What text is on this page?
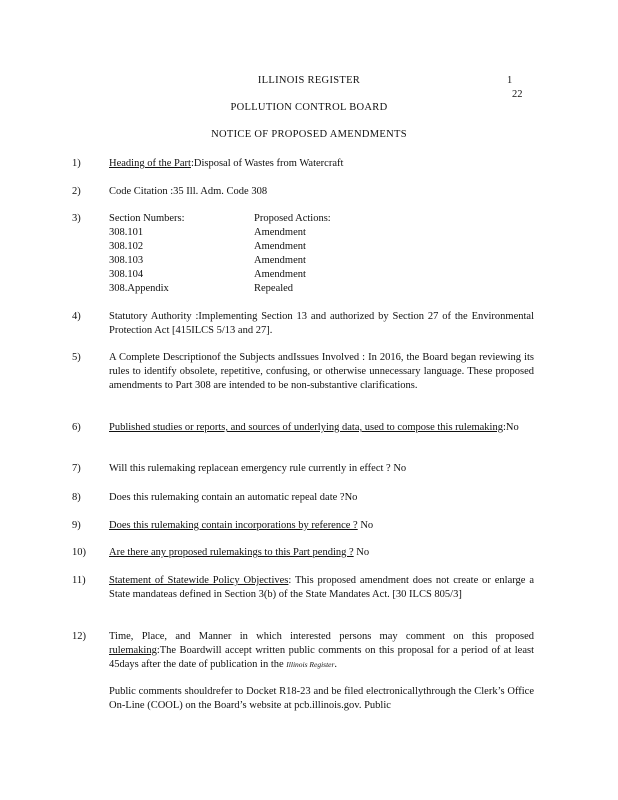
ILLINOIS REGISTER	1
22
POLLUTION CONTROL BOARD
NOTICE OF PROPOSED AMENDMENTS
1)	Heading of the Part:Disposal of Wastes from Watercraft
2)	Code Citation :35 Ill. Adm. Code 308
3)	Section Numbers:	Proposed Actions:
308.101	Amendment
308.102	Amendment
308.103	Amendment
308.104	Amendment
308.Appendix	Repealed
4)	Statutory Authority :Implementing Section 13 and authorized by Section 27 of the Environmental Protection Act [415ILCS 5/13 and 27].
5)	A Complete Descriptionof the Subjects andIssues Involved : In 2016, the Board began reviewing its rules to identify obsolete, repetitive, confusing, or otherwise unnecessary language. These proposed amendments to Part 308 are intended to be non-substantive clarifications.
6)	Published studies or reports, and sources of underlying data, used to compose this rulemaking:No
7)	Will this rulemaking replacean emergency rule currently in effect ? No
8)	Does this rulemaking contain an automatic repeal date ?No
9)	Does this rulemaking contain incorporations by reference ? No
10) Are there any proposed rulemakings to this Part pending ? No
11) Statement of Statewide Policy Objectives: This proposed amendment does not create or enlarge a State mandateas defined in Section 3(b) of the State Mandates Act. [30 ILCS 805/3]
12) Time, Place, and Manner in which interested persons may comment on this proposed rulemaking:The Boardwill accept written public comments on this proposal for a period of at least 45days after the date of publication in the Illinois Register.
Public comments shouldrefer to Docket R18-23 and be filed electronicallythrough the Clerk’s Office On-Line (COOL) on the Board’s website at pcb.illinois.gov. Public
